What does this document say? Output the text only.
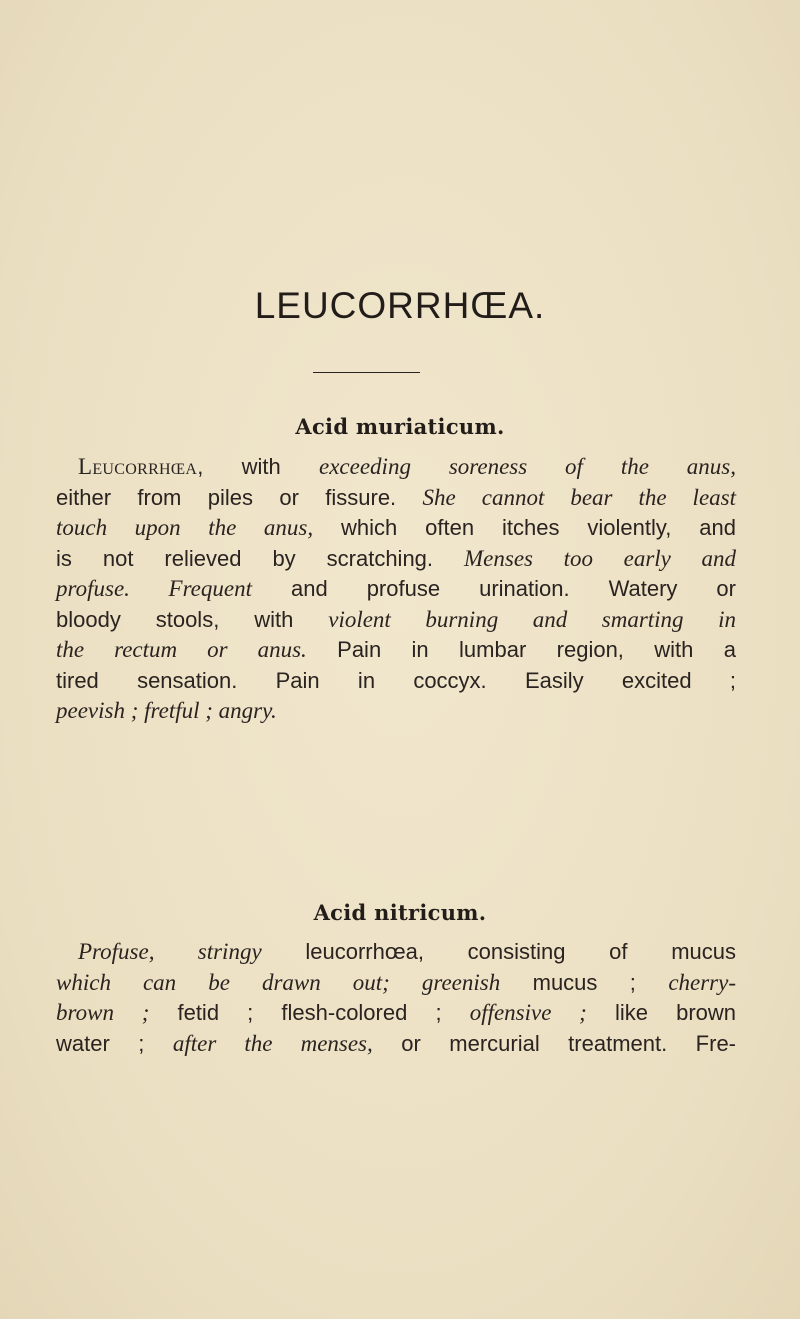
LEUCORRHŒA.
Acid muriaticum.
Leucorrhœa, with exceeding soreness of the anus,
either from piles or fissure. She cannot bear the least
touch upon the anus, which often itches violently, and
is not relieved by scratching. Menses too early and
profuse. Frequent and profuse urination. Watery or
bloody stools, with violent burning and smarting in
the rectum or anus. Pain in lumbar region, with a
tired sensation. Pain in coccyx. Easily excited ;
peevish ; fretful ; angry.
Acid nitricum.
Profuse, stringy leucorrhœa, consisting of mucus
which can be drawn out; greenish mucus ; cherry-
brown ; fetid ; flesh-colored ; offensive ; like brown
water ; after the menses, or mercurial treatment. Fre-
